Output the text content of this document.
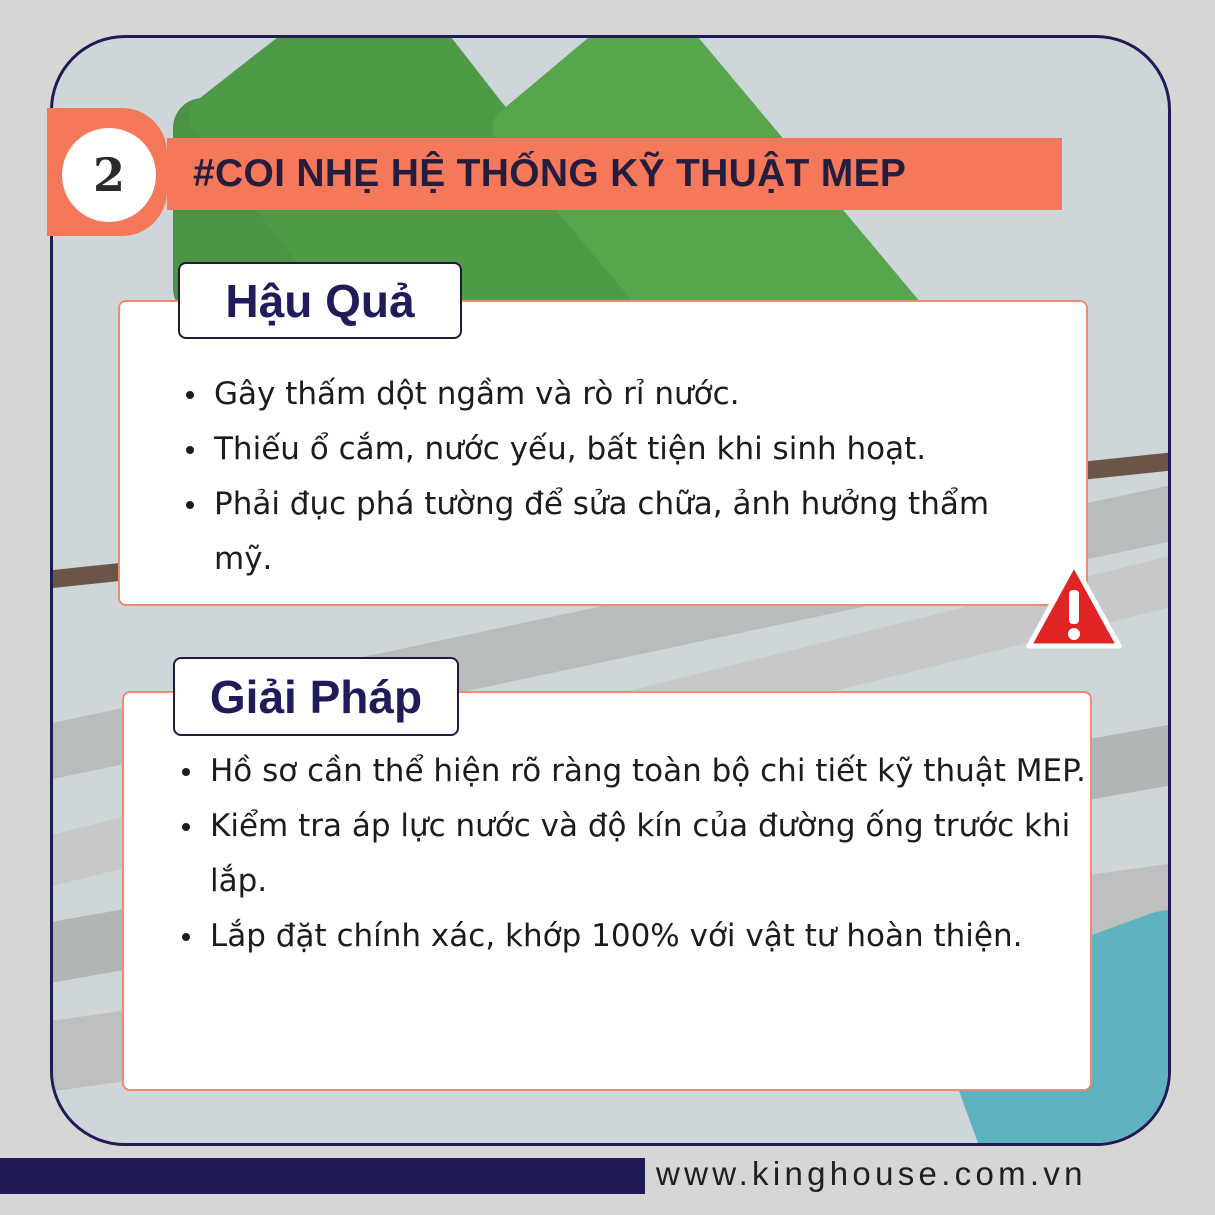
2	#COI NHẸ HỆ THỐNG KỸ THUẬT MEP
Hậu Quả
Gây thấm dột ngầm và rò rỉ nước.
Thiếu ổ cắm, nước yếu, bất tiện khi sinh hoạt.
Phải đục phá tường để sửa chữa, ảnh hưởng thẩm mỹ.
Giải Pháp
Hồ sơ cần thể hiện rõ ràng toàn bộ chi tiết kỹ thuật MEP.
Kiểm tra áp lực nước và độ kín của đường ống trước khi lắp.
Lắp đặt chính xác, khớp 100% với vật tư hoàn thiện.
www.kinghouse.com.vn
